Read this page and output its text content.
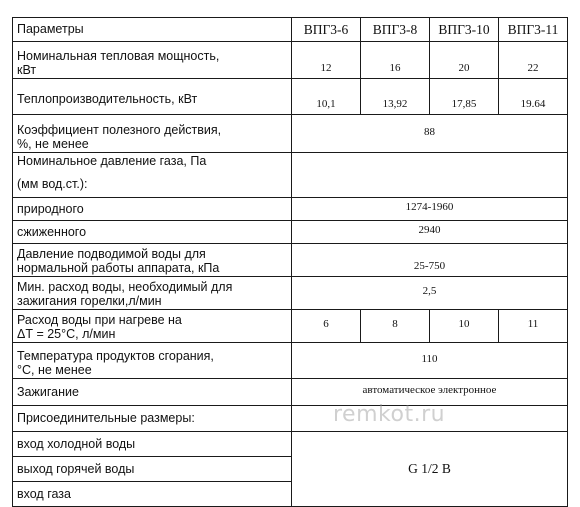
Параметры	ВПГ3-6	ВПГ3-8	ВПГ3-10	ВПГ3-11

Номинальная тепловая мощность,
кВт	12	16	20	22
Теплопроизводительность, кВт	10,1	13,92	17,85	19.64

Коэффициент полезного действия,
%, не менее	88			

Номинальное давление газа, Па
(мм вод.ст.):				

природного	1274-1960			
сжиженного	2940			

Давление подводимой воды для
нормальной работы аппарата, кПа	25-750			

Мин. расход воды, необходимый для
зажигания горелки,л/мин	2,5			

Расход воды при нагреве на
ΔТ = 25°С, л/мин	6	8	10	11

Температура продуктов сгорания,
°С, не менее	110			
Зажигание	автоматическое электронное			
Присоединительные размеры:				
вход холодной воды	G 1/2 В			
выход горячей воды				
вход газа				
remkot.ru
